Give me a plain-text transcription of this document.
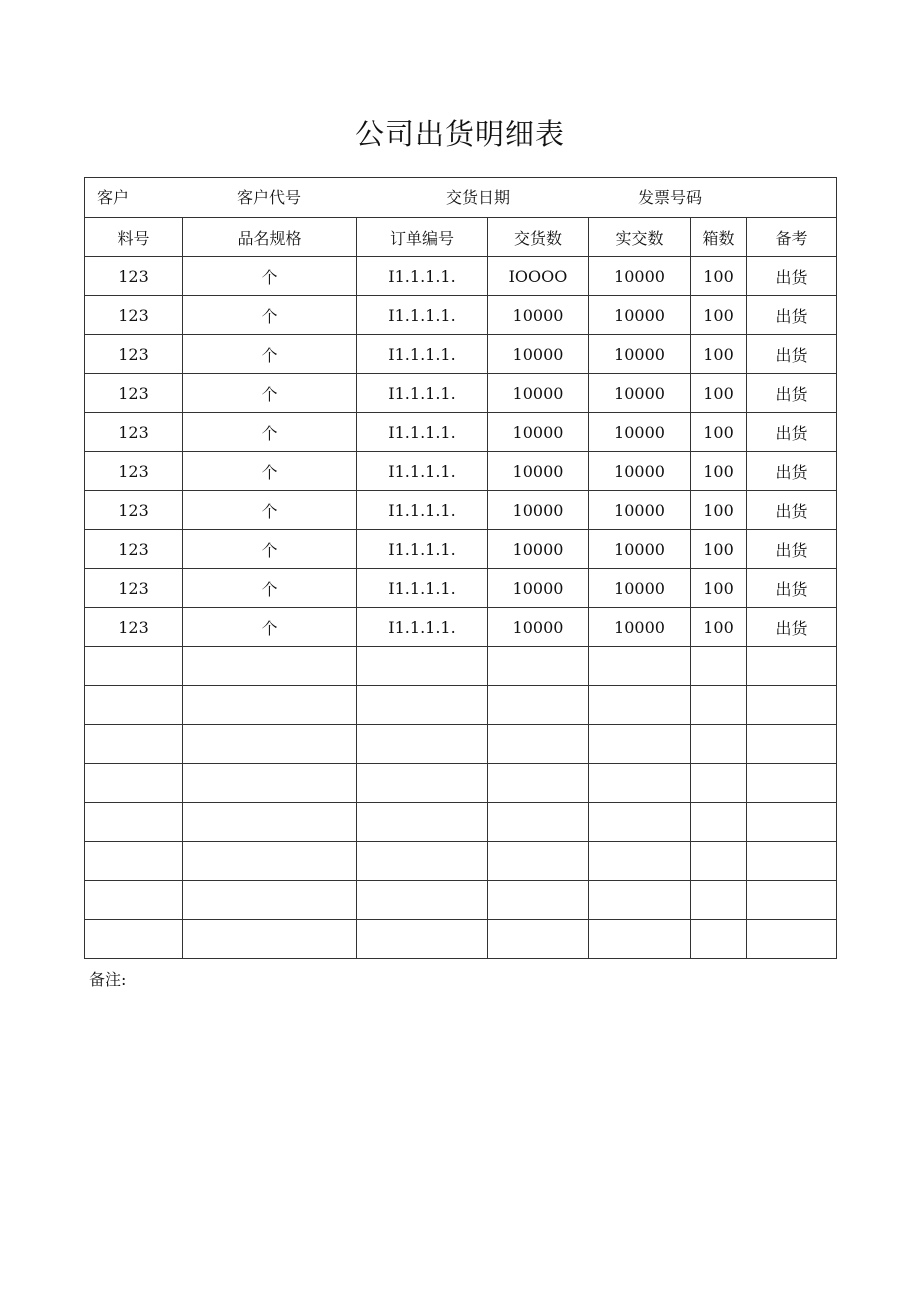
公司出货明细表
客户 客户代号 交货日期 发票号码						

料号	品名规格	订单编号	交货数	实交数	箱数	备考
123	个	I1.1.1.1.	IOOOO	10000	100	出货
123	个	I1.1.1.1.	10000	10000	100	出货
123	个	I1.1.1.1.	10000	10000	100	出货
123	个	I1.1.1.1.	10000	10000	100	出货
123	个	I1.1.1.1.	10000	10000	100	出货
123	个	I1.1.1.1.	10000	10000	100	出货
123	个	I1.1.1.1.	10000	10000	100	出货
123	个	I1.1.1.1.	10000	10000	100	出货
123	个	I1.1.1.1.	10000	10000	100	出货
123	个	I1.1.1.1.	10000	10000	100	出货

备注:
